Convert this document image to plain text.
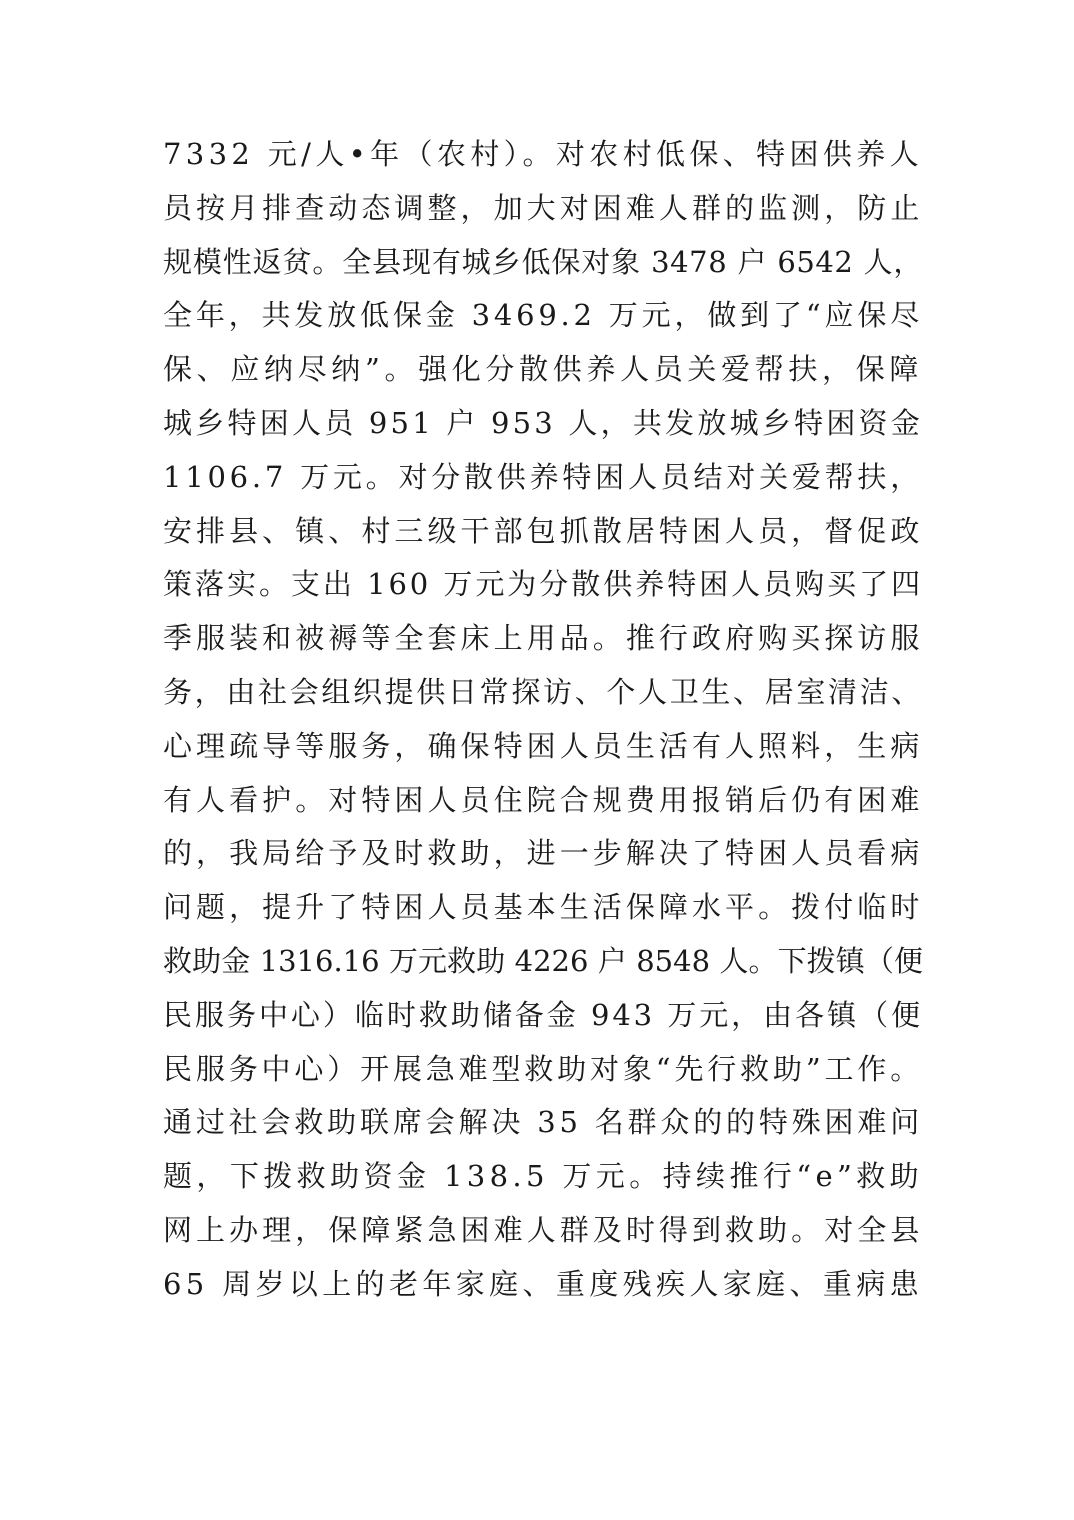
7332 元/人•年（农村）。对农村低保、特困供养人
员按月排查动态调整，加大对困难人群的监测，防止
规模性返贫。全县现有城乡低保对象 3478 户 6542 人，
全年，共发放低保金 3469.2 万元，做到了“应保尽
保、应纳尽纳”。强化分散供养人员关爱帮扶，保障
城乡特困人员 951 户 953 人，共发放城乡特困资金
1106.7 万元。对分散供养特困人员结对关爱帮扶，
安排县、镇、村三级干部包抓散居特困人员，督促政
策落实。支出 160 万元为分散供养特困人员购买了四
季服装和被褥等全套床上用品。推行政府购买探访服
务，由社会组织提供日常探访、个人卫生、居室清洁、
心理疏导等服务，确保特困人员生活有人照料，生病
有人看护。对特困人员住院合规费用报销后仍有困难
的，我局给予及时救助，进一步解决了特困人员看病
问题，提升了特困人员基本生活保障水平。拨付临时
救助金 1316.16 万元救助 4226 户 8548 人。下拨镇（便
民服务中心）临时救助储备金 943 万元，由各镇（便
民服务中心）开展急难型救助对象“先行救助”工作。
通过社会救助联席会解决 35 名群众的的特殊困难问
题，下拨救助资金 138.5 万元。持续推行“e”救助
网上办理，保障紧急困难人群及时得到救助。对全县
65 周岁以上的老年家庭、重度残疾人家庭、重病患
